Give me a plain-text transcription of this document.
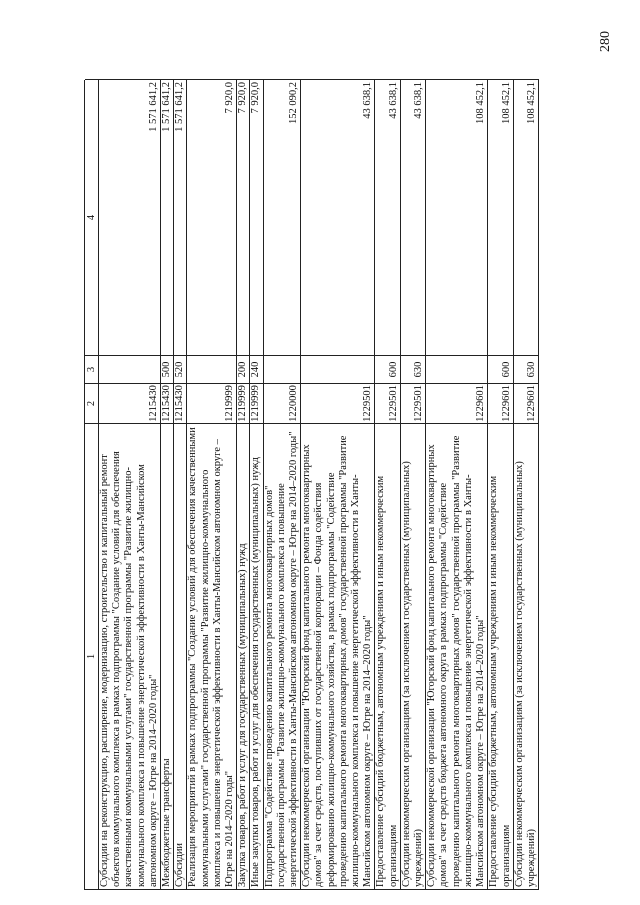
280
1
2
3
4
Субсидии на реконструкцию, расширение, модернизацию, строительство и капитальный ремонт объектов коммунального комплекса в рамках подпрограммы "Создание условий для обеспечения качественными коммунальными услугами" государственной программы "Развитие жилищно-коммунального комплекса и повышение энергетической эффективности в Ханты-Мансийском автономном округе – Югре на 2014–2020 годы"
1215430
1 571 641,2
Межбюджетные трансферты
1215430
500
1 571 641,2
Субсидии
1215430
520
1 571 641,2
Реализация мероприятий в рамках подпрограммы "Создание условий для обеспечения качественными коммунальными услугами" государственной программы "Развитие жилищно-коммунального комплекса и повышение энергетической эффективности в Ханты-Мансийском автономном округе – Югре на 2014–2020 годы"
1219999
7 920,0
Закупка товаров, работ и услуг для государственных (муниципальных) нужд
1219999
200
7 920,0
Иные закупки товаров, работ и услуг для обеспечения государственных (муниципальных) нужд
1219999
240
7 920,0
Подпрограмма "Содействие проведению капитального ремонта многоквартирных домов" государственной программы "Развитие жилищно-коммунального комплекса и повышение энергетической эффективности в Ханты-Мансийском автономном округе – Югре на 2014–2020 годы"
1220000
152 090,2
Субсидии некоммерческой организации "Югорский фонд капитального ремонта многоквартирных домов" за счет средств, поступивших от государственной корпорации – Фонда содействия реформированию жилищно-коммунального хозяйства, в рамках подпрограммы "Содействие проведению капитального ремонта многоквартирных домов" государственной программы "Развитие жилищно-коммунального комплекса и повышение энергетической эффективности в Ханты-Мансийском автономном округе – Югре на 2014–2020 годы"
1229501
43 638,1
Предоставление субсидий бюджетным, автономным учреждениям и иным некоммерческим организациям
1229501
600
43 638,1
Субсидии некоммерческим организациям (за исключением государственных (муниципальных) учреждений)
1229501
630
43 638,1
Субсидии некоммерческой организации "Югорский фонд капитального ремонта многоквартирных домов" за счет средств бюджета автономного округа в рамках подпрограммы "Содействие проведению капитального ремонта многоквартирных домов" государственной программы "Развитие жилищно-коммунального комплекса и повышение энергетической эффективности в Ханты-Мансийском автономном округе – Югре на 2014–2020 годы"
1229601
108 452,1
Предоставление субсидий бюджетным, автономным учреждениям и иным некоммерческим организациям
1229601
600
108 452,1
Субсидии некоммерческим организациям (за исключением государственных (муниципальных) учреждений)
1229601
630
108 452,1
